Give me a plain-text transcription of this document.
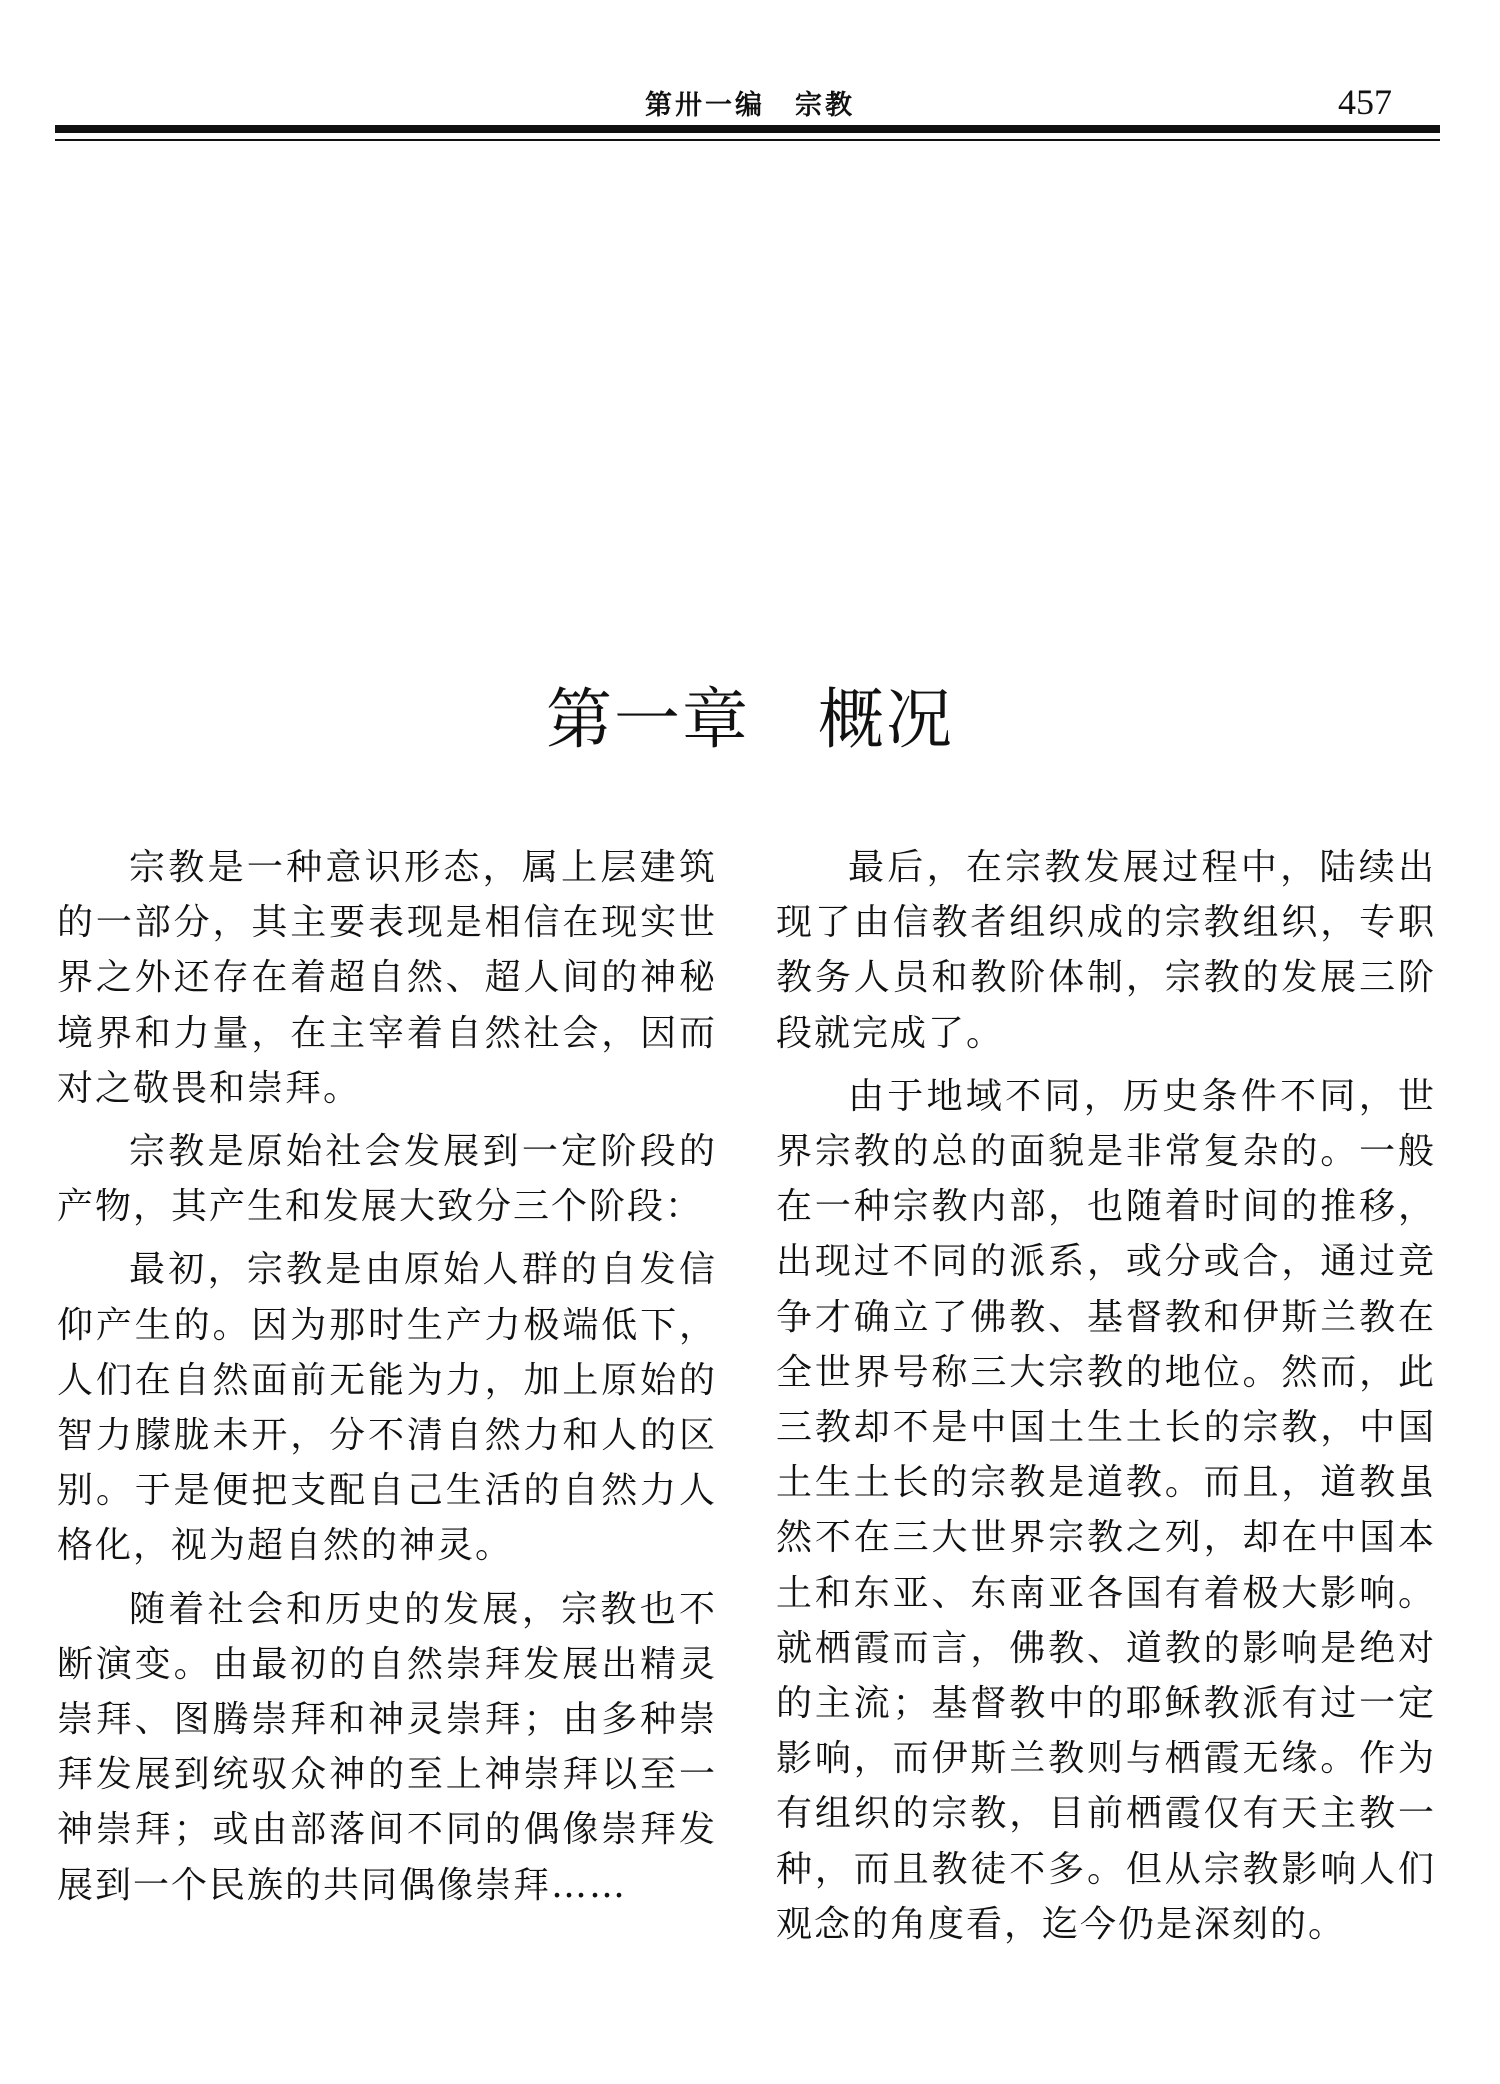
第卅一编　宗教	457
第一章　概况

宗教是一种意识形态，属上层建筑的一部分，其主要表现是相信在现实世界之外还存在着超自然、超人间的神秘境界和力量，在主宰着自然社会，因而对之敬畏和崇拜。

宗教是原始社会发展到一定阶段的产物，其产生和发展大致分三个阶段：

最初，宗教是由原始人群的自发信仰产生的。因为那时生产力极端低下，人们在自然面前无能为力，加上原始的智力朦胧未开，分不清自然力和人的区别。于是便把支配自己生活的自然力人格化，视为超自然的神灵。

随着社会和历史的发展，宗教也不断演变。由最初的自然崇拜发展出精灵崇拜、图腾崇拜和神灵崇拜；由多种崇拜发展到统驭众神的至上神崇拜以至一神崇拜；或由部落间不同的偶像崇拜发展到一个民族的共同偶像崇拜……

最后，在宗教发展过程中，陆续出现了由信教者组织成的宗教组织，专职教务人员和教阶体制，宗教的发展三阶段就完成了。

由于地域不同，历史条件不同，世界宗教的总的面貌是非常复杂的。一般在一种宗教内部，也随着时间的推移，出现过不同的派系，或分或合，通过竞争才确立了佛教、基督教和伊斯兰教在全世界号称三大宗教的地位。然而，此三教却不是中国土生土长的宗教，中国土生土长的宗教是道教。而且，道教虽然不在三大世界宗教之列，却在中国本土和东亚、东南亚各国有着极大影响。就栖霞而言，佛教、道教的影响是绝对的主流；基督教中的耶稣教派有过一定影响，而伊斯兰教则与栖霞无缘。作为有组织的宗教，目前栖霞仅有天主教一种，而且教徒不多。但从宗教影响人们观念的角度看，迄今仍是深刻的。
